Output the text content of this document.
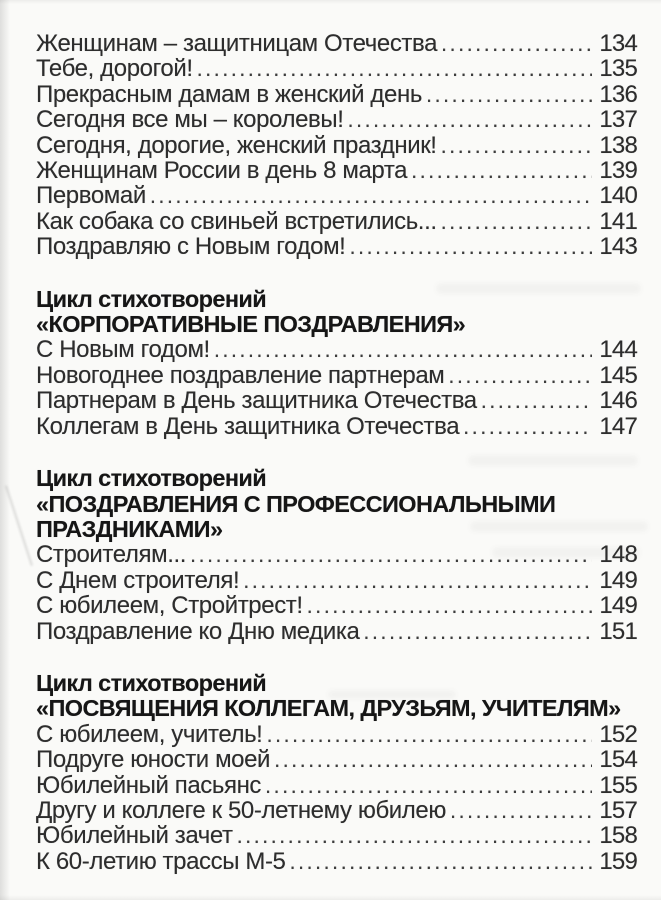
Женщинам – защитницам Отечества .....	134
Тебе, дорогой! .....	135
Прекрасным дамам в женский день .....	136
Сегодня все мы – королевы! .....	137
Сегодня, дорогие, женский праздник! .....	138
Женщинам России в день 8 марта .....	139
Первомай .....	140
Как собака со свиньей встретились... .....	141
Поздравляю с Новым годом! .....	143
Цикл стихотворений
«КОРПОРАТИВНЫЕ ПОЗДРАВЛЕНИЯ»
С Новым годом! .....	144
Новогоднее поздравление партнерам .....	145
Партнерам в День защитника Отечества .....	146
Коллегам в День защитника Отечества .....	147
Цикл стихотворений
«ПОЗДРАВЛЕНИЯ С ПРОФЕССИОНАЛЬНЫМИ
ПРАЗДНИКАМИ»
Строителям... .....	148
С Днем строителя! .....	149
С юбилеем, Стройтрест! .....	149
Поздравление ко Дню медика .....	151
Цикл стихотворений
«ПОСВЯЩЕНИЯ КОЛЛЕГАМ, ДРУЗЬЯМ, УЧИТЕЛЯМ»
С юбилеем, учитель! .....	152
Подруге юности моей .....	154
Юбилейный пасьянс .....	155
Другу и коллеге к 50-летнему юбилею .....	157
Юбилейный зачет .....	158
К 60-летию трассы М-5 .....	159
